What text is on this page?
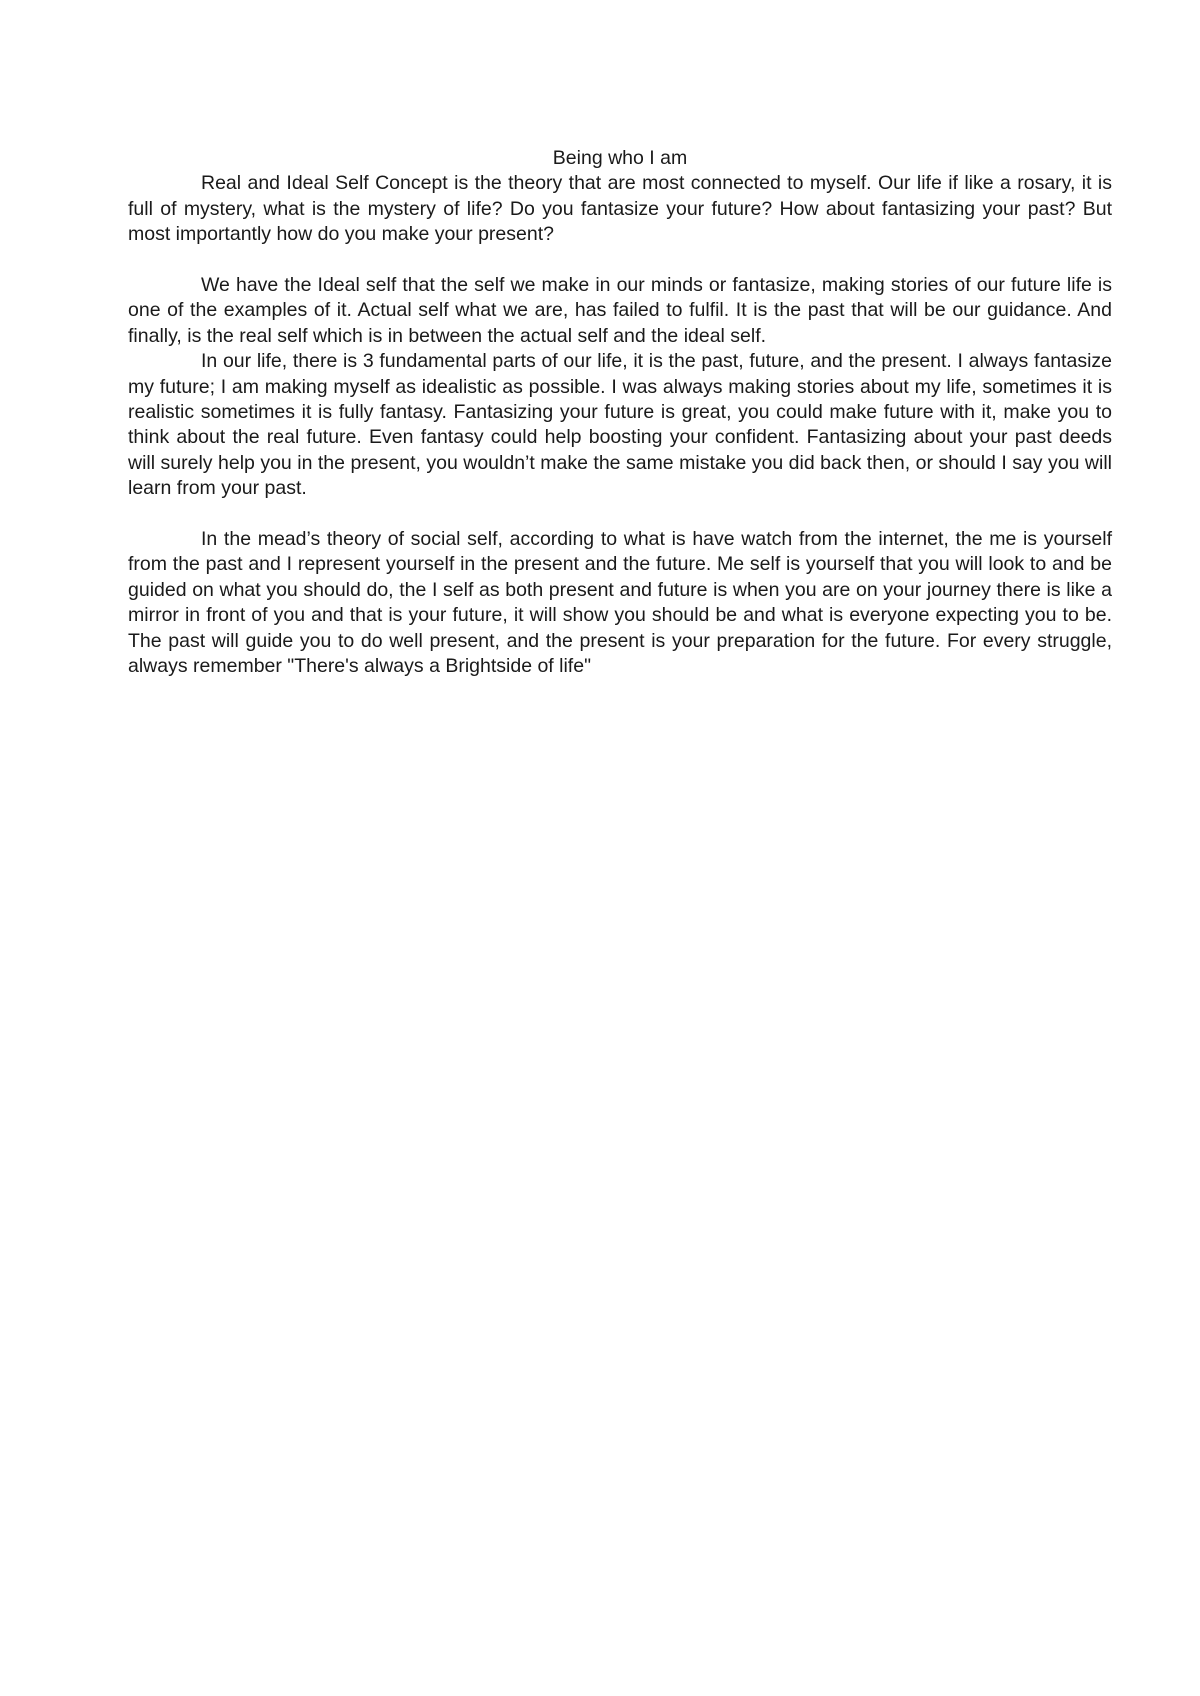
Being who I am

Real and Ideal Self Concept is the theory that are most connected to myself. Our life if like a rosary, it is full of mystery, what is the mystery of life? Do you fantasize your future? How about fantasizing your past? But most importantly how do you make your present?

We have the Ideal self that the self we make in our minds or fantasize, making stories of our future life is one of the examples of it. Actual self what we are, has failed to fulfil. It is the past that will be our guidance. And finally, is the real self which is in between the actual self and the ideal self.

In our life, there is 3 fundamental parts of our life, it is the past, future, and the present. I always fantasize my future; I am making myself as idealistic as possible. I was always making stories about my life, sometimes it is realistic sometimes it is fully fantasy. Fantasizing your future is great, you could make future with it, make you to think about the real future. Even fantasy could help boosting your confident. Fantasizing about your past deeds will surely help you in the present, you wouldn’t make the same mistake you did back then, or should I say you will learn from your past.

In the mead’s theory of social self, according to what is have watch from the internet, the me is yourself from the past and I represent yourself in the present and the future. Me self is yourself that you will look to and be guided on what you should do, the I self as both present and future is when you are on your journey there is like a mirror in front of you and that is your future, it will show you should be and what is everyone expecting you to be. The past will guide you to do well present, and the present is your preparation for the future. For every struggle, always remember "There's always a Brightside of life"
